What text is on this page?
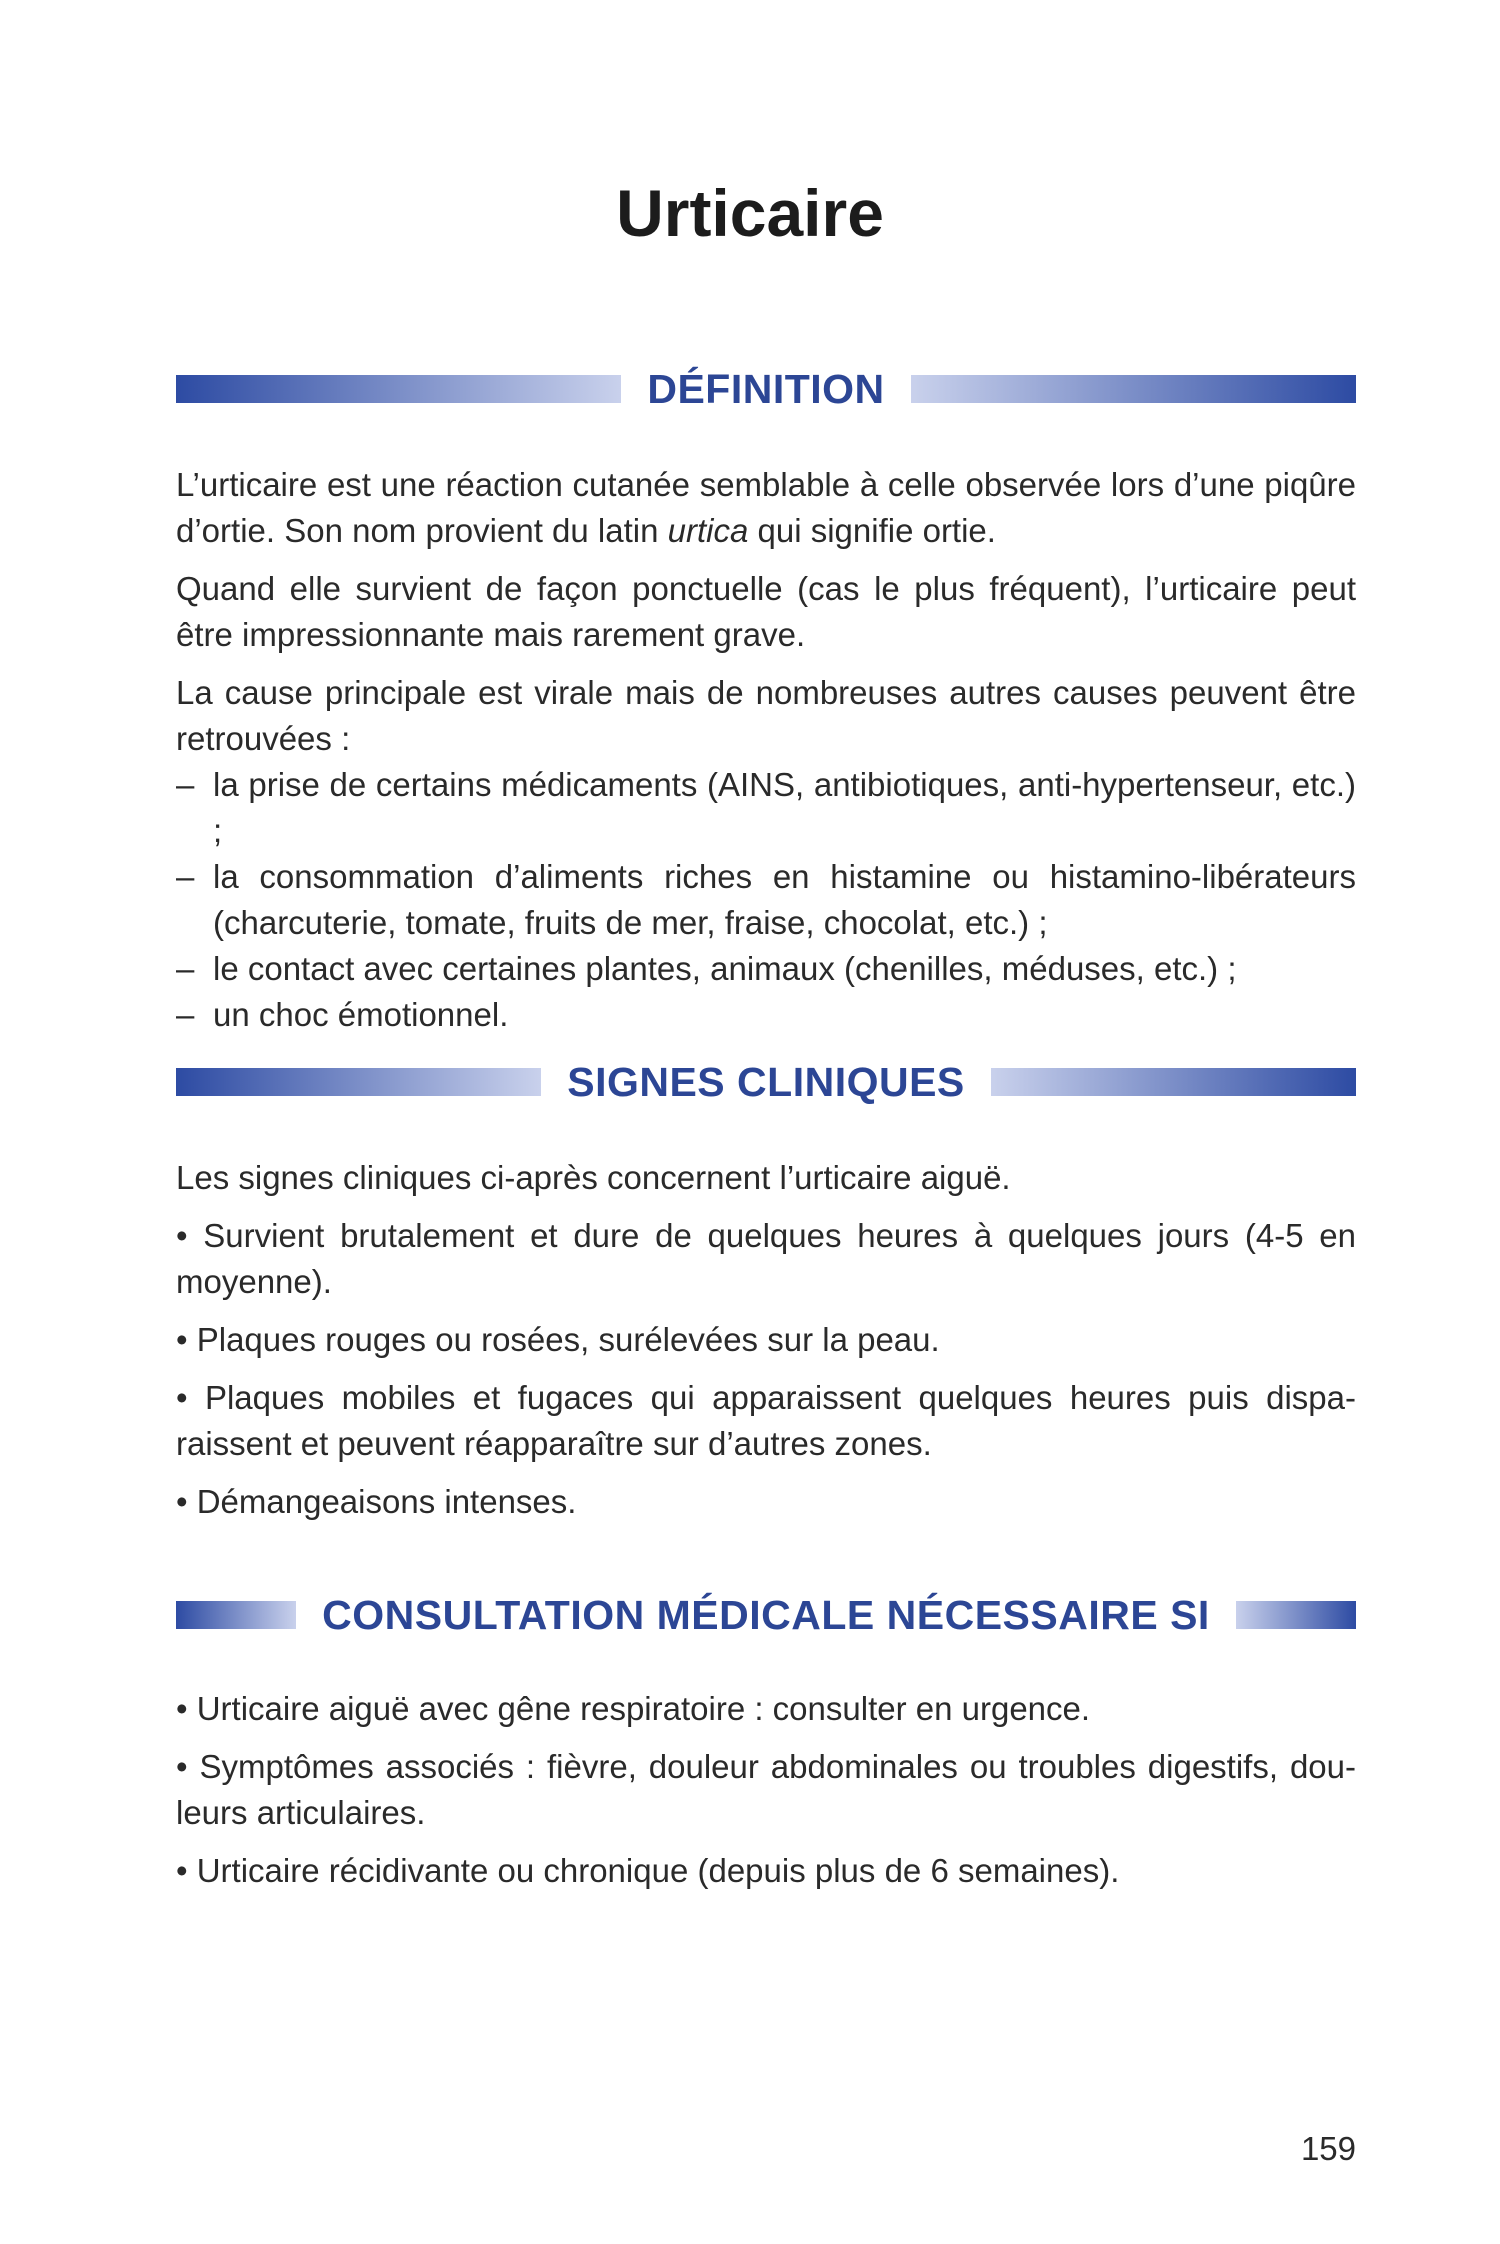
Urticaire
DÉFINITION

L’urticaire est une réaction cutanée semblable à celle observée lors d’une piqûre d’ortie. Son nom provient du latin urtica qui signifie ortie.

Quand elle survient de façon ponctuelle (cas le plus fréquent), l’urticaire peut être impressionnante mais rarement grave.

La cause principale est virale mais de nombreuses autres causes peuvent être retrouvées :

– la prise de certains médicaments (AINS, antibiotiques, anti-hypertenseur, etc.) ;
– la consommation d’aliments riches en histamine ou histamino-libérateurs (charcuterie, tomate, fruits de mer, fraise, chocolat, etc.) ;
– le contact avec certaines plantes, animaux (chenilles, méduses, etc.) ;
– un choc émotionnel.
SIGNES CLINIQUES

Les signes cliniques ci-après concernent l’urticaire aiguë.

• Survient brutalement et dure de quelques heures à quelques jours (4-5 en moyenne).
• Plaques rouges ou rosées, surélevées sur la peau.
• Plaques mobiles et fugaces qui apparaissent quelques heures puis disparaissent et peuvent réapparaître sur d’autres zones.
• Démangeaisons intenses.
CONSULTATION MÉDICALE NÉCESSAIRE SI
• Urticaire aiguë avec gêne respiratoire : consulter en urgence.
• Symptômes associés : fièvre, douleur abdominales ou troubles digestifs, douleurs articulaires.
• Urticaire récidivante ou chronique (depuis plus de 6 semaines).
159
